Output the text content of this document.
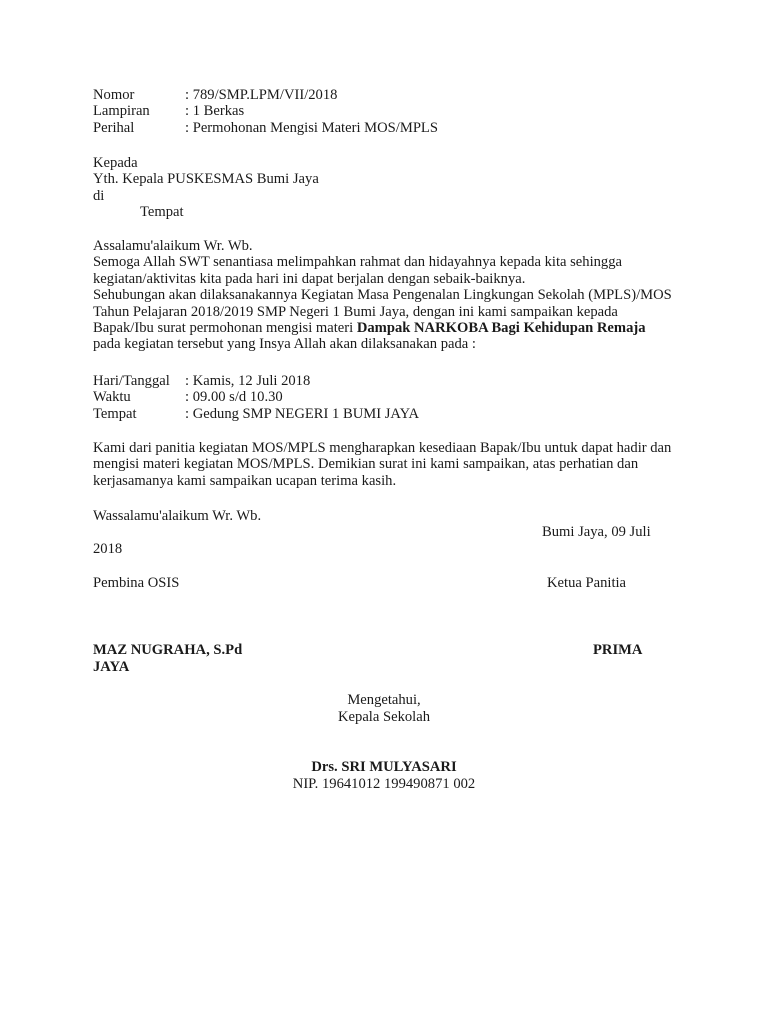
Nomor	: 789/SMP.LPM/VII/2018
Lampiran : 1 Berkas
Perihal	: Permohonan Mengisi Materi MOS/MPLS
Kepada
Yth. Kepala PUSKESMAS Bumi Jaya
di
Tempat
Assalamu'alaikum Wr. Wb.

Semoga Allah SWT senantiasa melimpahkan rahmat dan hidayahnya kepada kita sehingga kegiatan/aktivitas kita pada hari ini dapat berjalan dengan sebaik-baiknya.

Sehubungan akan dilaksanakannya Kegiatan Masa Pengenalan Lingkungan Sekolah (MPLS)/MOS Tahun Pelajaran 2018/2019 SMP Negeri 1 Bumi Jaya, dengan ini kami sampaikan kepada Bapak/Ibu surat permohonan mengisi materi Dampak NARKOBA Bagi Kehidupan Remaja pada kegiatan tersebut yang Insya Allah akan dilaksanakan pada :

Hari/Tanggal : Kamis, 12 Juli 2018
Waktu	: 09.00 s/d 10.30
Tempat	: Gedung SMP NEGERI 1 BUMI JAYA

Kami dari panitia kegiatan MOS/MPLS mengharapkan kesediaan Bapak/Ibu untuk dapat hadir dan mengisi materi kegiatan MOS/MPLS. Demikian surat ini kami sampaikan, atas perhatian dan kerjasamanya kami sampaikan ucapan terima kasih.

Wassalamu'alaikum Wr. Wb.
Bumi Jaya, 09 Juli
2018
Pembina OSIS	Ketua Panitia
MAZ NUGRAHA, S.Pd	PRIMA
JAYA
Mengetahui,
Kepala Sekolah
Drs. SRI MULYASARI
NIP. 19641012 199490871 002
